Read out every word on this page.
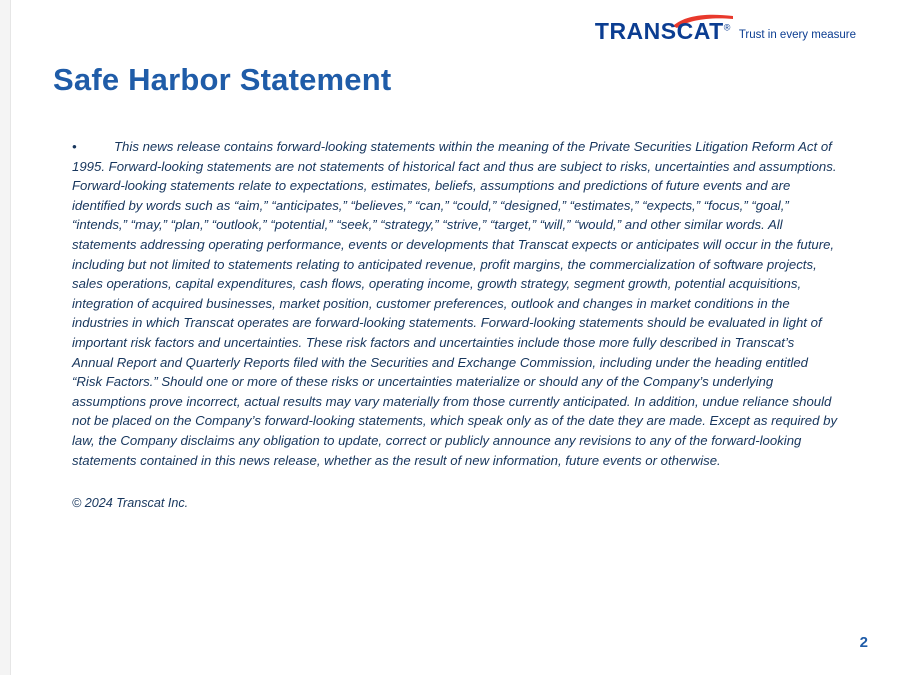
TRANSCAT®
Trust in every measure
Safe Harbor Statement

•	This news release contains forward-looking statements within the meaning of the Private Securities Litigation Reform Act of 1995. Forward-looking statements are not statements of historical fact and thus are subject to risks, uncertainties and assumptions. Forward-looking statements relate to expectations, estimates, beliefs, assumptions and predictions of future events and are identified by words such as “aim,” “anticipates,” “believes,” “can,” “could,” “designed,” “estimates,” “expects,” “focus,” “goal,” “intends,” “may,” “plan,” “outlook,” “potential,” “seek,” “strategy,” “strive,” “target,” “will,” “would,” and other similar words. All statements addressing operating performance, events or developments that Transcat expects or anticipates will occur in the future, including but not limited to statements relating to anticipated revenue, profit margins, the commercialization of software projects, sales operations, capital expenditures, cash flows, operating income, growth strategy, segment growth, potential acquisitions, integration of acquired businesses, market position, customer preferences, outlook and changes in market conditions in the industries in which Transcat operates are forward-looking statements. Forward-looking statements should be evaluated in light of important risk factors and uncertainties. These risk factors and uncertainties include those more fully described in Transcat’s Annual Report and Quarterly Reports filed with the Securities and Exchange Commission, including under the heading entitled “Risk Factors.” Should one or more of these risks or uncertainties materialize or should any of the Company’s underlying assumptions prove incorrect, actual results may vary materially from those currently anticipated. In addition, undue reliance should not be placed on the Company’s forward-looking statements, which speak only as of the date they are made. Except as required by law, the Company disclaims any obligation to update, correct or publicly announce any revisions to any of the forward-looking statements contained in this news release, whether as the result of new information, future events or otherwise.

© 2024 Transcat Inc.
2
